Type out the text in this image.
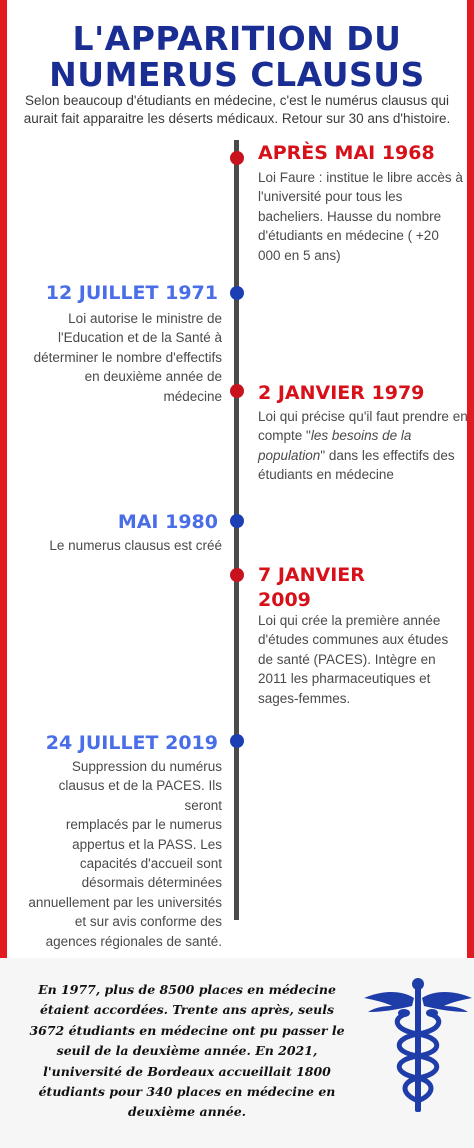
L'APPARITION DU
NUMERUS CLAUSUS
Selon beaucoup d'étudiants en médecine, c'est le numérus clausus qui aurait fait apparaitre les déserts médicaux. Retour sur 30 ans d'histoire.
APRÈS MAI 1968
Loi Faure : institue le libre accès à
l'université pour tous les
bacheliers. Hausse du nombre
d'étudiants en médecine ( +20
000 en 5 ans)
12 JUILLET 1971
Loi autorise le ministre de
l'Education et de la Santé à
déterminer le nombre d'effectifs
en deuxième année de
médecine 2 JANVIER 1979
Loi qui précise qu'il faut prendre en compte "les besoins de la population" dans les effectifs des étudiants en médecine
MAI 1980
Le numerus clausus est créé
7 JANVIER
2009
Loi qui crée la première année
d'études communes aux études
de santé (PACES). Intègre en
2011 les pharmaceutiques et
sages-femmes.
24 JUILLET 2019
Suppression du numérus
clausus et de la PACES. Ils seront
remplacés par le numerus
appertus et la PASS. Les
capacités d'accueil sont
désormais déterminées
annuellement par les universités
et sur avis conforme des
agences régionales de santé.
En 1977, plus de 8500 places en médecine
étaient accordées. Trente ans après, seuls
3672 étudiants en médecine ont pu passer le
seuil de la deuxième année. En 2021,
l'université de Bordeaux accueillait 1800
étudiants pour 340 places en médecine en
deuxième année.
